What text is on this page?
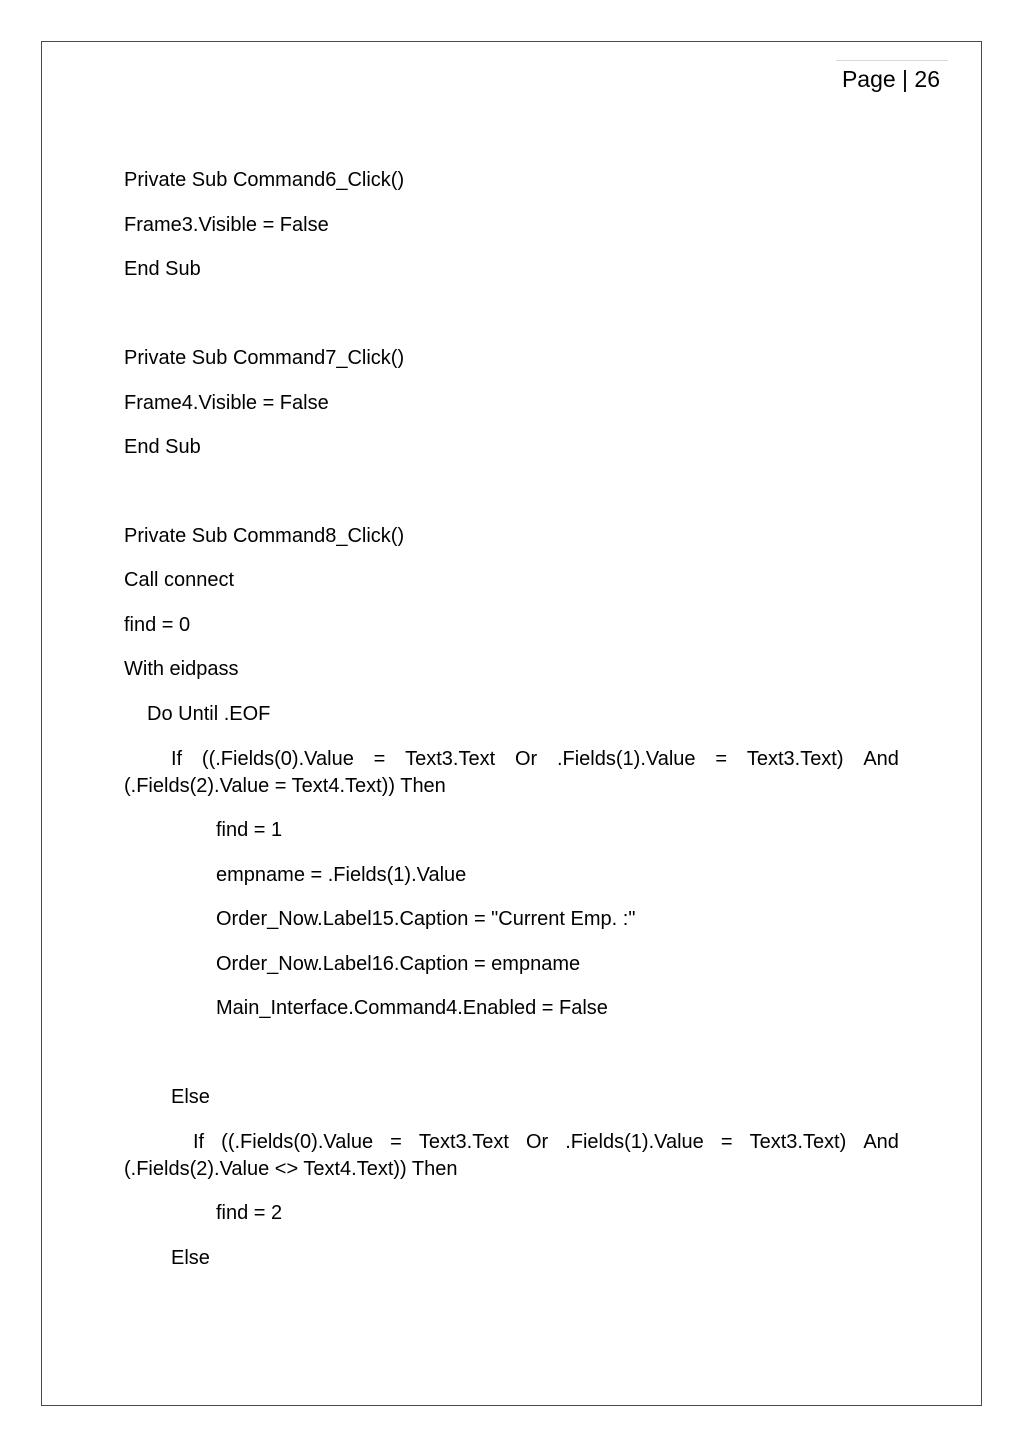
Page | 26
Private Sub Command6_Click()
Frame3.Visible = False
End Sub
Private Sub Command7_Click()
Frame4.Visible = False
End Sub
Private Sub Command8_Click()
Call connect
find = 0
With eidpass
Do Until .EOF
If ((.Fields(0).Value = Text3.Text Or .Fields(1).Value = Text3.Text) And
(.Fields(2).Value = Text4.Text)) Then
find = 1
empname = .Fields(1).Value
Order_Now.Label15.Caption = "Current Emp. :"
Order_Now.Label16.Caption = empname
Main_Interface.Command4.Enabled = False
Else
If ((.Fields(0).Value = Text3.Text Or .Fields(1).Value = Text3.Text) And
(.Fields(2).Value <> Text4.Text)) Then
find = 2
Else
